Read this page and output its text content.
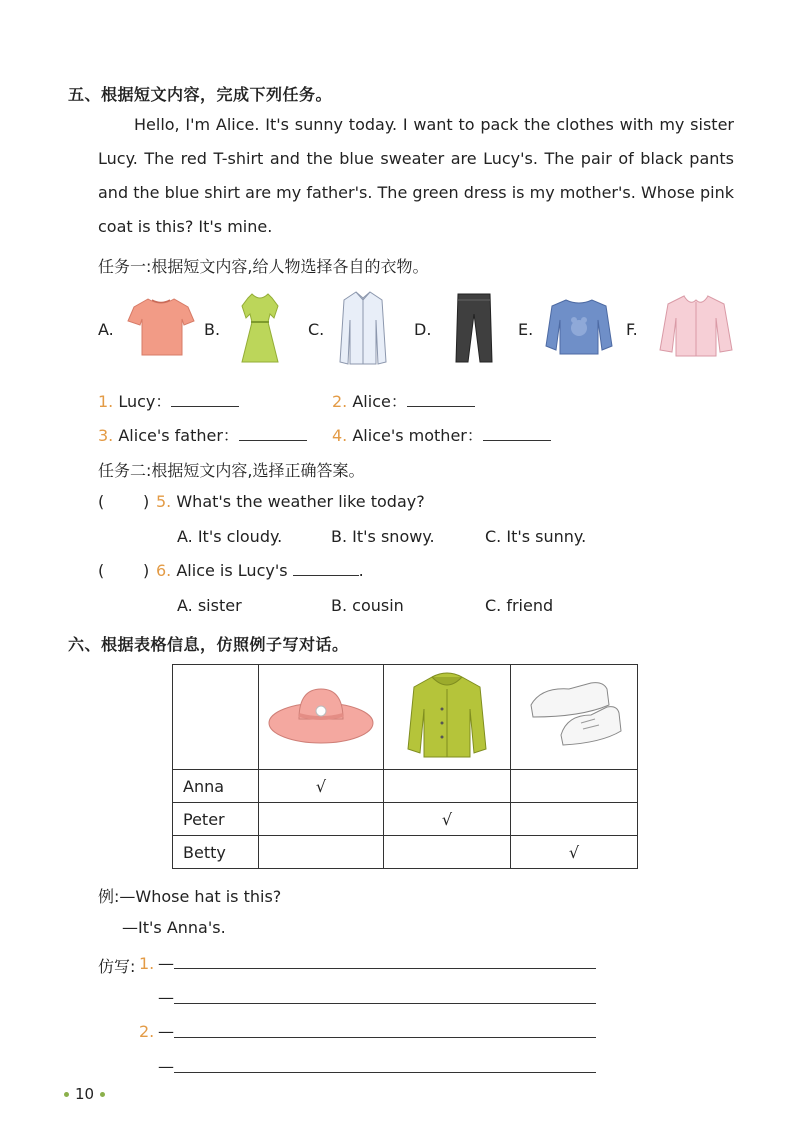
五、根据短文内容，完成下列任务。
Hello, I'm Alice. It's sunny today. I want to pack the clothes with my sister Lucy. The red T-shirt and the blue sweater are Lucy's. The pair of black pants and the blue shirt are my father's. The green dress is my mother's. Whose pink coat is this? It's mine.
任务一:根据短文内容,给人物选择各自的衣物。
A.	B.	C.	D.	E.	F.
1. Lucy：	2. Alice：
3. Alice's father：	4. Alice's mother：
任务二:根据短文内容,选择正确答案。
( ) 5. What's the weather like today?
A. It's cloudy.	B. It's snowy.	C. It's sunny.
( ) 6. Alice is Lucy's	.
A. sister	B. cousin	C. friend
六、根据表格信息，仿照例子写对话。

Anna	√		
Peter		√	
Betty			√
例:—Whose hat is this?
—It's Anna's.
仿写: 1. —
—
2. —
—
10
